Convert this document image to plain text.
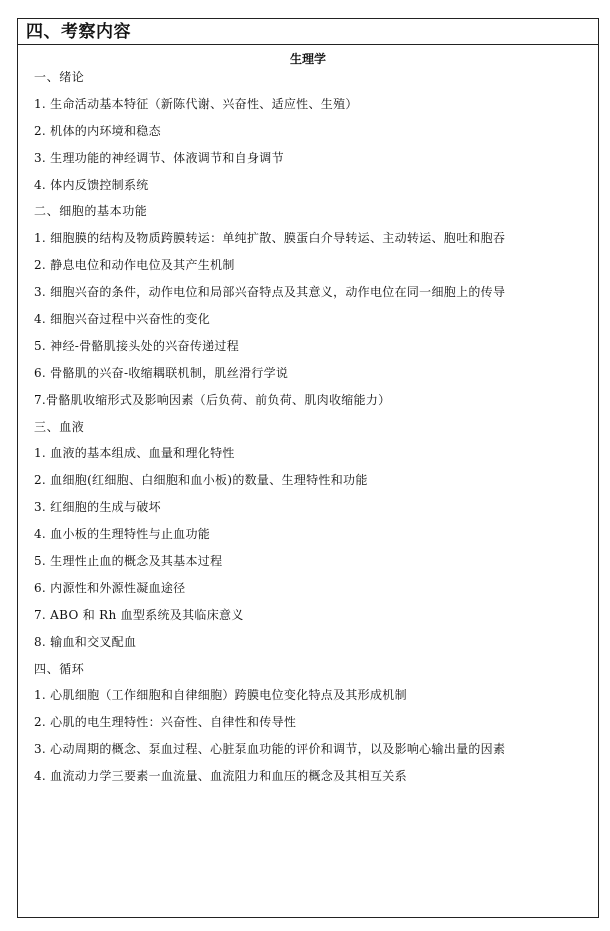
四、考察内容
生理学
一、绪论
1. 生命活动基本特征（新陈代谢、兴奋性、适应性、生殖）
2. 机体的内环境和稳态
3. 生理功能的神经调节、体液调节和自身调节
4. 体内反馈控制系统
二、细胞的基本功能
1. 细胞膜的结构及物质跨膜转运：单纯扩散、膜蛋白介导转运、主动转运、胞吐和胞吞
2. 静息电位和动作电位及其产生机制
3. 细胞兴奋的条件，动作电位和局部兴奋特点及其意义，动作电位在同一细胞上的传导
4. 细胞兴奋过程中兴奋性的变化
5. 神经-骨骼肌接头处的兴奋传递过程
6. 骨骼肌的兴奋-收缩耦联机制，肌丝滑行学说
7.骨骼肌收缩形式及影响因素（后负荷、前负荷、肌肉收缩能力）
三、血液
1. 血液的基本组成、血量和理化特性
2. 血细胞(红细胞、白细胞和血小板)的数量、生理特性和功能
3. 红细胞的生成与破坏
4. 血小板的生理特性与止血功能
5. 生理性止血的概念及其基本过程
6. 内源性和外源性凝血途径
7. ABO 和 Rh 血型系统及其临床意义
8. 输血和交叉配血
四、循环
1. 心肌细胞（工作细胞和自律细胞）跨膜电位变化特点及其形成机制
2. 心肌的电生理特性：兴奋性、自律性和传导性
3. 心动周期的概念、泵血过程、心脏泵血功能的评价和调节，以及影响心输出量的因素
4. 血流动力学三要素一血流量、血流阻力和血压的概念及其相互关系
